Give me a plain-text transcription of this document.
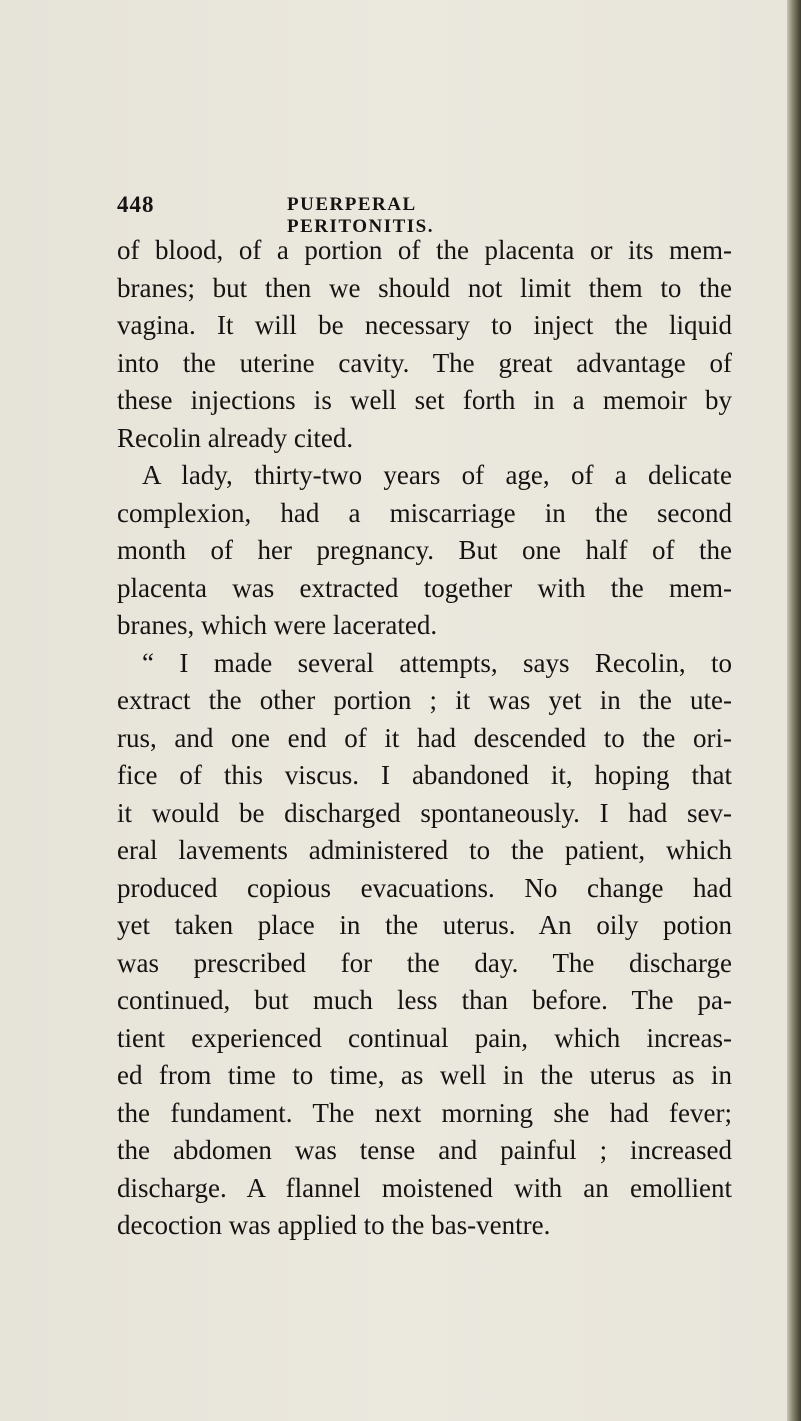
448	PUERPERAL PERITONITIS.
of blood, of a portion of the placenta or its mem-
branes; but then we should not limit them to the
vagina. It will be necessary to inject the liquid
into the uterine cavity. The great advantage of
these injections is well set forth in a memoir by
Recolin already cited.
A lady, thirty-two years of age, of a delicate
complexion, had a miscarriage in the second
month of her pregnancy. But one half of the
placenta was extracted together with the mem-
branes, which were lacerated.
“ I made several attempts, says Recolin, to
extract the other portion ; it was yet in the ute-
rus, and one end of it had descended to the ori-
fice of this viscus. I abandoned it, hoping that
it would be discharged spontaneously. I had sev-
eral lavements administered to the patient, which
produced copious evacuations. No change had
yet taken place in the uterus. An oily potion
was prescribed for the day. The discharge
continued, but much less than before. The pa-
tient experienced continual pain, which increas-
ed from time to time, as well in the uterus as in
the fundament. The next morning she had fever;
the abdomen was tense and painful ; increased
discharge. A flannel moistened with an emollient
decoction was applied to the bas-ventre.
